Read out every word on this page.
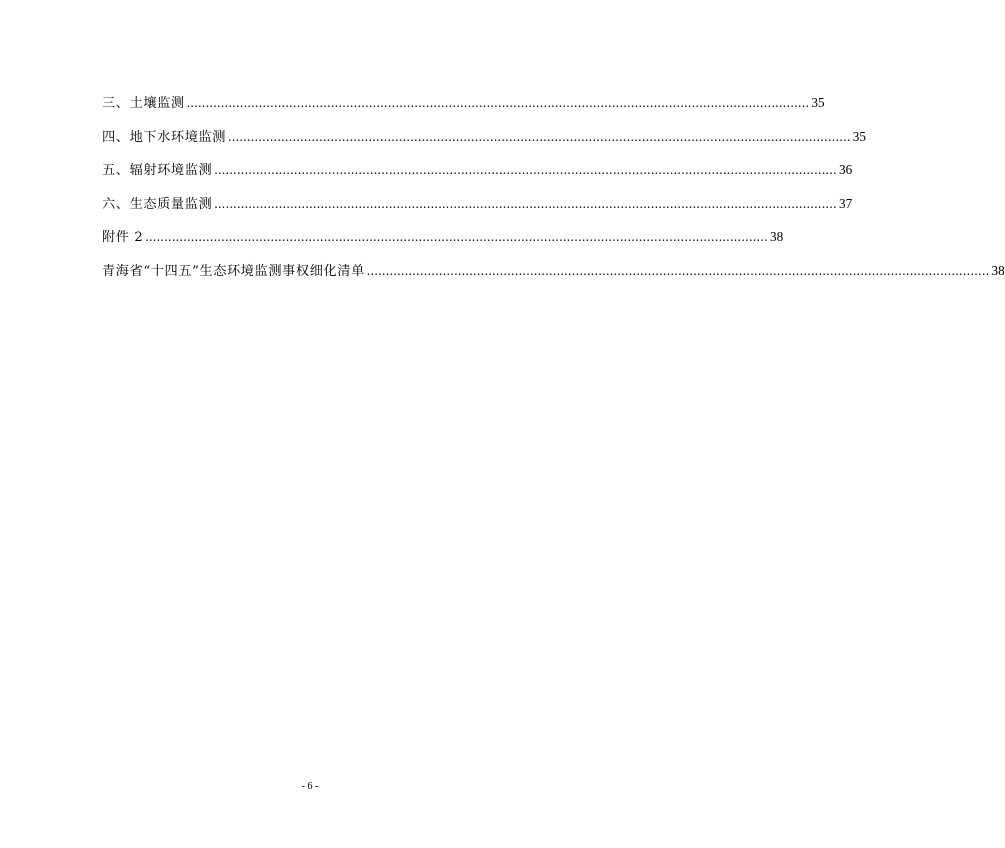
三、土壤监测 .................................................................................................................................................................... 35
四、地下水环境监测 .................................................................................................................................................................... 35
五、辐射环境监测 .................................................................................................................................................................... 36
六、生态质量监测 .................................................................................................................................................................... 37
附件 2 .................................................................................................................................................................... 38
青海省“十四五”生态环境监测事权细化清单 .................................................................................................................................................................... 38
- 6 -
